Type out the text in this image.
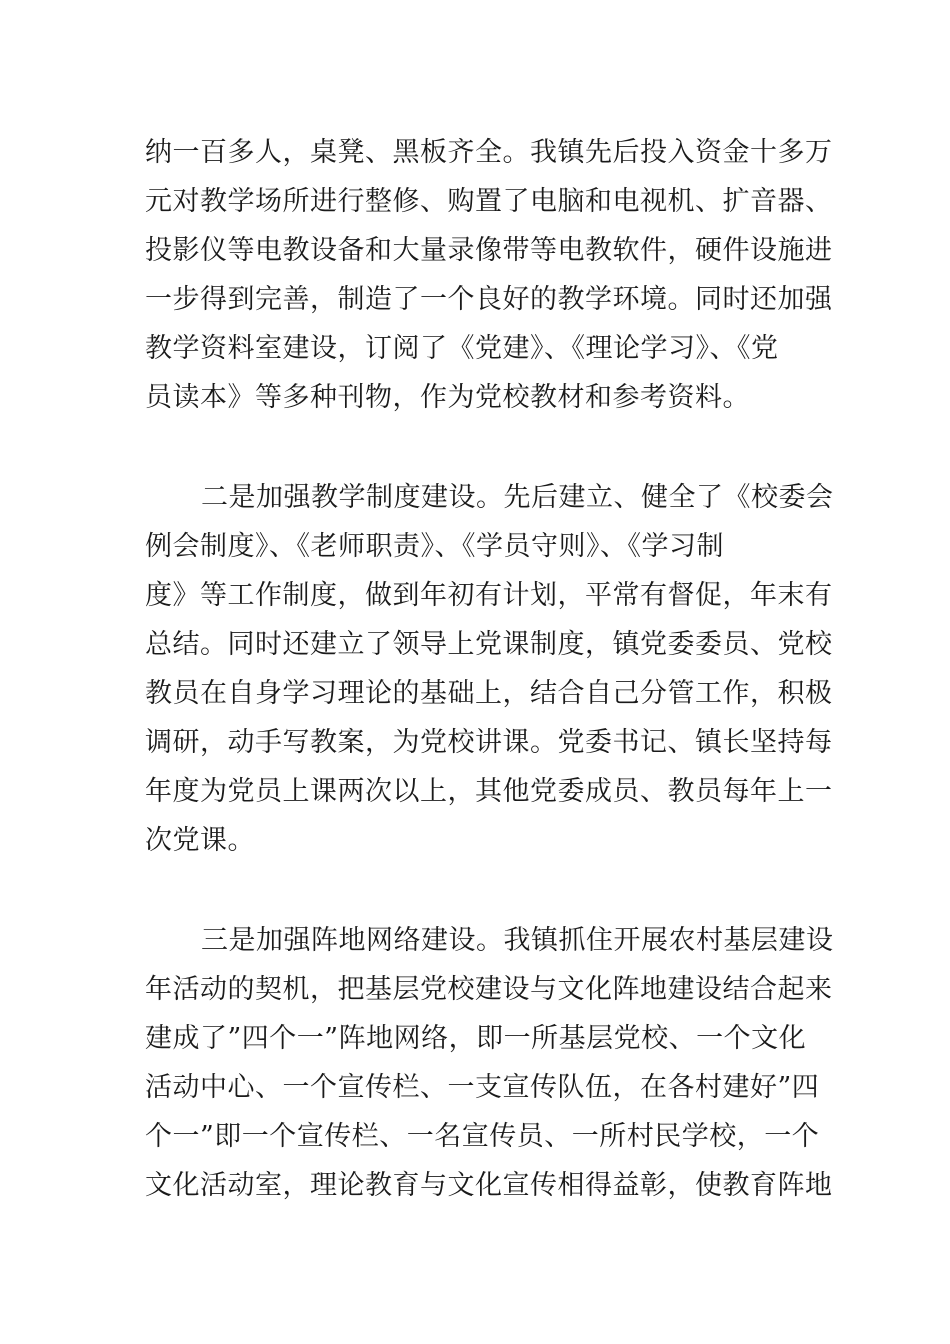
纳一百多人，桌凳、黑板齐全。我镇先后投入资金十多万
元对教学场所进行整修、购置了电脑和电视机、扩音器、
投影仪等电教设备和大量录像带等电教软件，硬件设施进
一步得到完善，制造了一个良好的教学环境。同时还加强
教学资料室建设，订阅了《党建》、《理论学习》、《党
员读本》等多种刊物，作为党校教材和参考资料。
二是加强教学制度建设。先后建立、健全了《校委会
例会制度》、《老师职责》、《学员守则》、《学习制
度》等工作制度，做到年初有计划，平常有督促，年末有
总结。同时还建立了领导上党课制度，镇党委委员、党校
教员在自身学习理论的基础上，结合自己分管工作，积极
调研，动手写教案，为党校讲课。党委书记、镇长坚持每
年度为党员上课两次以上，其他党委成员、教员每年上一
次党课。
三是加强阵地网络建设。我镇抓住开展农村基层建设
年活动的契机，把基层党校建设与文化阵地建设结合起来
建成了”四个一”阵地网络，即一所基层党校、一个文化
活动中心、一个宣传栏、一支宣传队伍，在各村建好”四
个一”即一个宣传栏、一名宣传员、一所村民学校，一个
文化活动室，理论教育与文化宣传相得益彰，使教育阵地
